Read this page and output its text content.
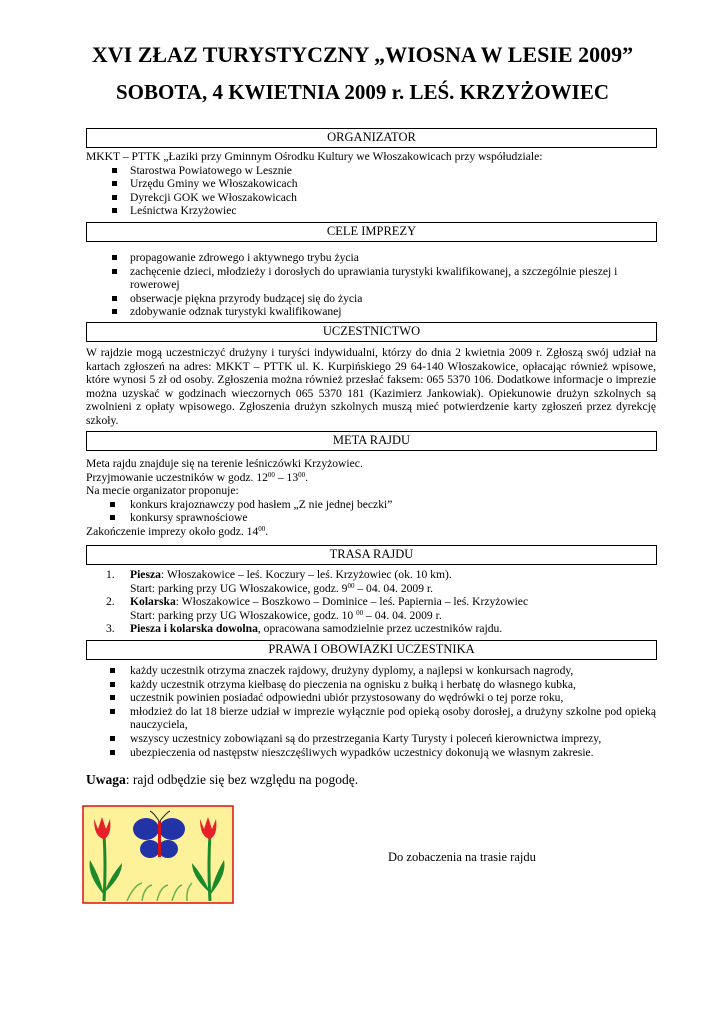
XVI ZŁAZ TURYSTYCZNY „WIOSNA W LESIE 2009”
SOBOTA, 4 KWIETNIA 2009 r. LEŚ. KRZYŻOWIEC
ORGANIZATOR
MKKT – PTTK „Łaziki przy Gminnym Ośrodku Kultury we Włoszakowicach przy współudziale:
Starostwa Powiatowego w Lesznie
Urzędu Gminy we Włoszakowicach
Dyrekcji GOK we Włoszakowicach
Leśnictwa Krzyżowiec
CELE IMPREZY
propagowanie zdrowego i aktywnego trybu życia
zachęcenie dzieci, młodzieży i dorosłych do uprawiania turystyki kwalifikowanej, a szczególnie pieszej i rowerowej
obserwacje piękna przyrody budzącej się do życia
zdobywanie odznak turystyki kwalifikowanej
UCZESTNICTWO
W rajdzie mogą uczestniczyć drużyny i turyści indywidualni, którzy do dnia 2 kwietnia 2009 r. Zgłoszą swój udział na kartach zgłoszeń na adres: MKKT – PTTK ul. K. Kurpińskiego 29 64-140 Włoszakowice, opłacając również wpisowe, które wynosi 5 zł od osoby. Zgłoszenia można również przesłać faksem: 065 5370 106. Dodatkowe informacje o imprezie można uzyskać w godzinach wieczornych 065 5370 181 (Kazimierz Jankowiak). Opiekunowie drużyn szkolnych są zwolnieni z opłaty wpisowego. Zgłoszenia drużyn szkolnych muszą mieć potwierdzenie karty zgłoszeń przez dyrekcję szkoły.
META RAJDU
Meta rajdu znajduje się na terenie leśniczówki Krzyżowiec.
Przyjmowanie uczestników w godz. $12^{00} - 13^{00}$.
Na mecie organizator proponuje:
konkurs krajoznawczy pod hasłem „Z nie jednej beczki”
konkursy sprawnościowe
Zakończenie imprezy około godz. $14^{00}$.
TRASA RAJDU
1. Piesza: Włoszakowice – leś. Koczury – leś. Krzyżowiec (ok. 10 km).
Start: parking przy UG Włoszakowice, godz. $9^{00} - 04$. 04. 2009 r.
2. Kolarska: Włoszakowice – Boszkowo – Dominice – leś. Papiernia – leś. Krzyżowiec
Start: parking przy UG Włoszakowice, godz. 10 $^{00}$ – 04. 04. 2009 r.
3. Piesza i kolarska dowolna, opracowana samodzielnie przez uczestników rajdu.
PRAWA I OBOWIAZKI UCZESTNIKA
każdy uczestnik otrzyma znaczek rajdowy, drużyny dyplomy, a najlepsi w konkursach nagrody,
każdy uczestnik otrzyma kiełbasę do pieczenia na ognisku z bułką i herbatę do własnego kubka,
uczestnik powinien posiadać odpowiedni ubiór przystosowany do wędrówki o tej porze roku,
młodzież do lat 18 bierze udział w imprezie wyłącznie pod opieką osoby dorosłej, a drużyny szkolne pod opieką nauczyciela,
wszyscy uczestnicy zobowiązani są do przestrzegania Karty Turysty i poleceń kierownictwa imprezy,
ubezpieczenia od następstw nieszczęśliwych wypadków uczestnicy dokonują we własnym zakresie.
Uwaga: rajd odbędzie się bez względu na pogodę.
Do zobaczenia na trasie rajdu
